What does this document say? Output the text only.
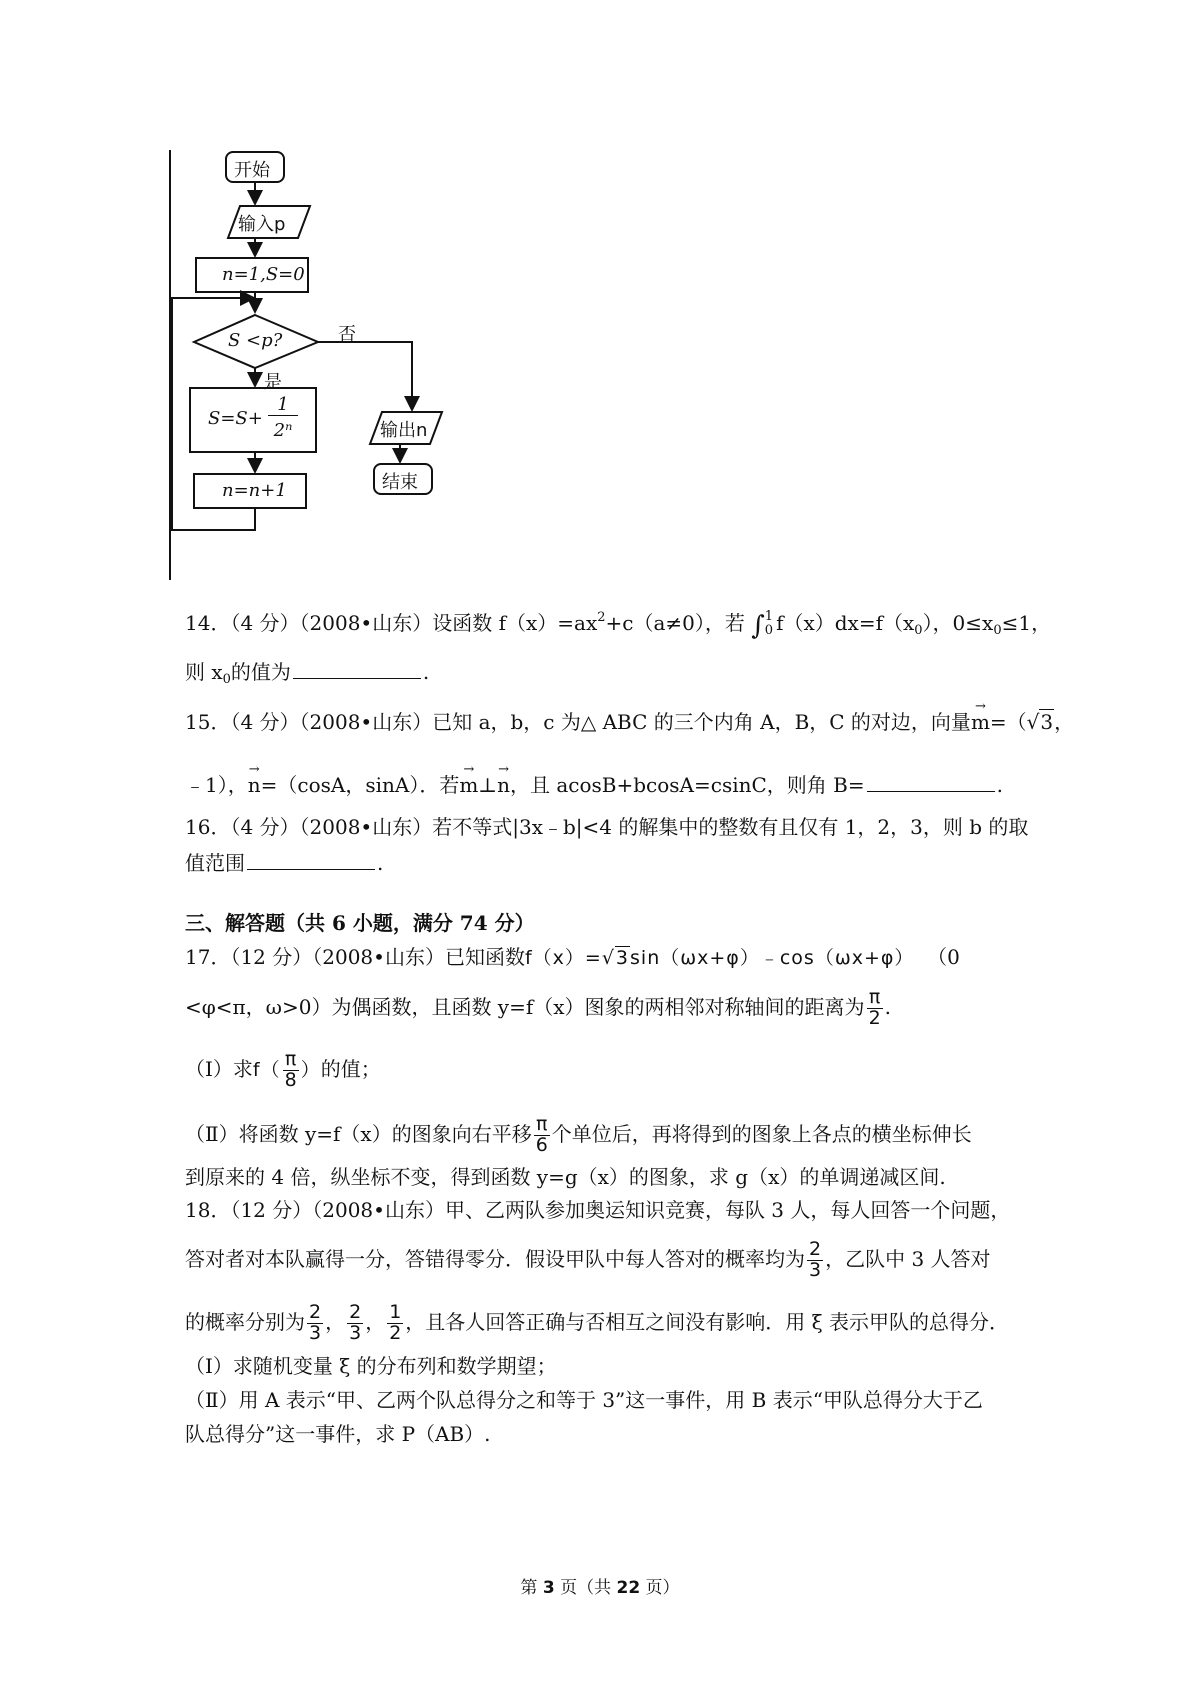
开始
输入p
n=1,S=0
S <p?	否
是
S=S+
1
2ⁿ
n=n+1
输出n
结束
14．（4 分）（2008•山东）设函数 $f(x)=ax^2+c(a\ne 0)$，若 ∫ 1
0 $f(x)dx=f(x_0)$，$0\le x_0\le 1$，
则 $x_0$的值为	.
15．（4 分）（2008•山东）已知 a，b，c 为△ ABC 的三个内角 A，B，C 的对边，向量→ m=（√3，
﹣1），→ n=（cosA，sinA）．若→ m⊥→ n，且 acosB+bcosA=csinC，则角 B=	.
16．（4 分）（2008•山东）若不等式|3x﹣b|<4 的解集中的整数有且仅有 1，2，3，则 b 的取
值范围	.
三、解答题（共 6 小题，满分 74 分）
17．（12 分）（2008•山东）已知函数f（x）=√3sin（ωx+φ）﹣cos（ωx+φ） （0
<φ<π，ω>0）为偶函数，且函数 y=f（x）图象的两相邻对称轴间的距离为 $\frac{\pi}{2}$ .
（Ⅰ）求$f( \frac{\pi}{8}$ ）的值；
（Ⅱ）将函数 y=f（x）的图象向右平移 $\frac{\pi}{6}$ 个单位后，再将得到的图象上各点的横坐标伸长
到原来的 4 倍，纵坐标不变，得到函数 y=g（x）的图象，求 g（x）的单调递减区间.
18．（12 分）（2008•山东）甲、乙两队参加奥运知识竞赛，每队 3 人，每人回答一个问题，
答对者对本队赢得一分，答错得零分．假设甲队中每人答对的概率均为 $\frac{2}{3}$ ，乙队中 3 人答对
的概率分别为 $\frac{2}{3}$ ， $\frac{2}{3}$ ， $\frac{1}{2}$ ，且各人回答正确与否相互之间没有影响．用 ξ 表示甲队的总得分．
（Ⅰ）求随机变量 ξ 的分布列和数学期望；
（Ⅱ）用 A 表示“甲、乙两个队总得分之和等于 3”这一事件，用 B 表示“甲队总得分大于乙
队总得分”这一事件，求 P（AB）.
第 3 页（共 22 页）
